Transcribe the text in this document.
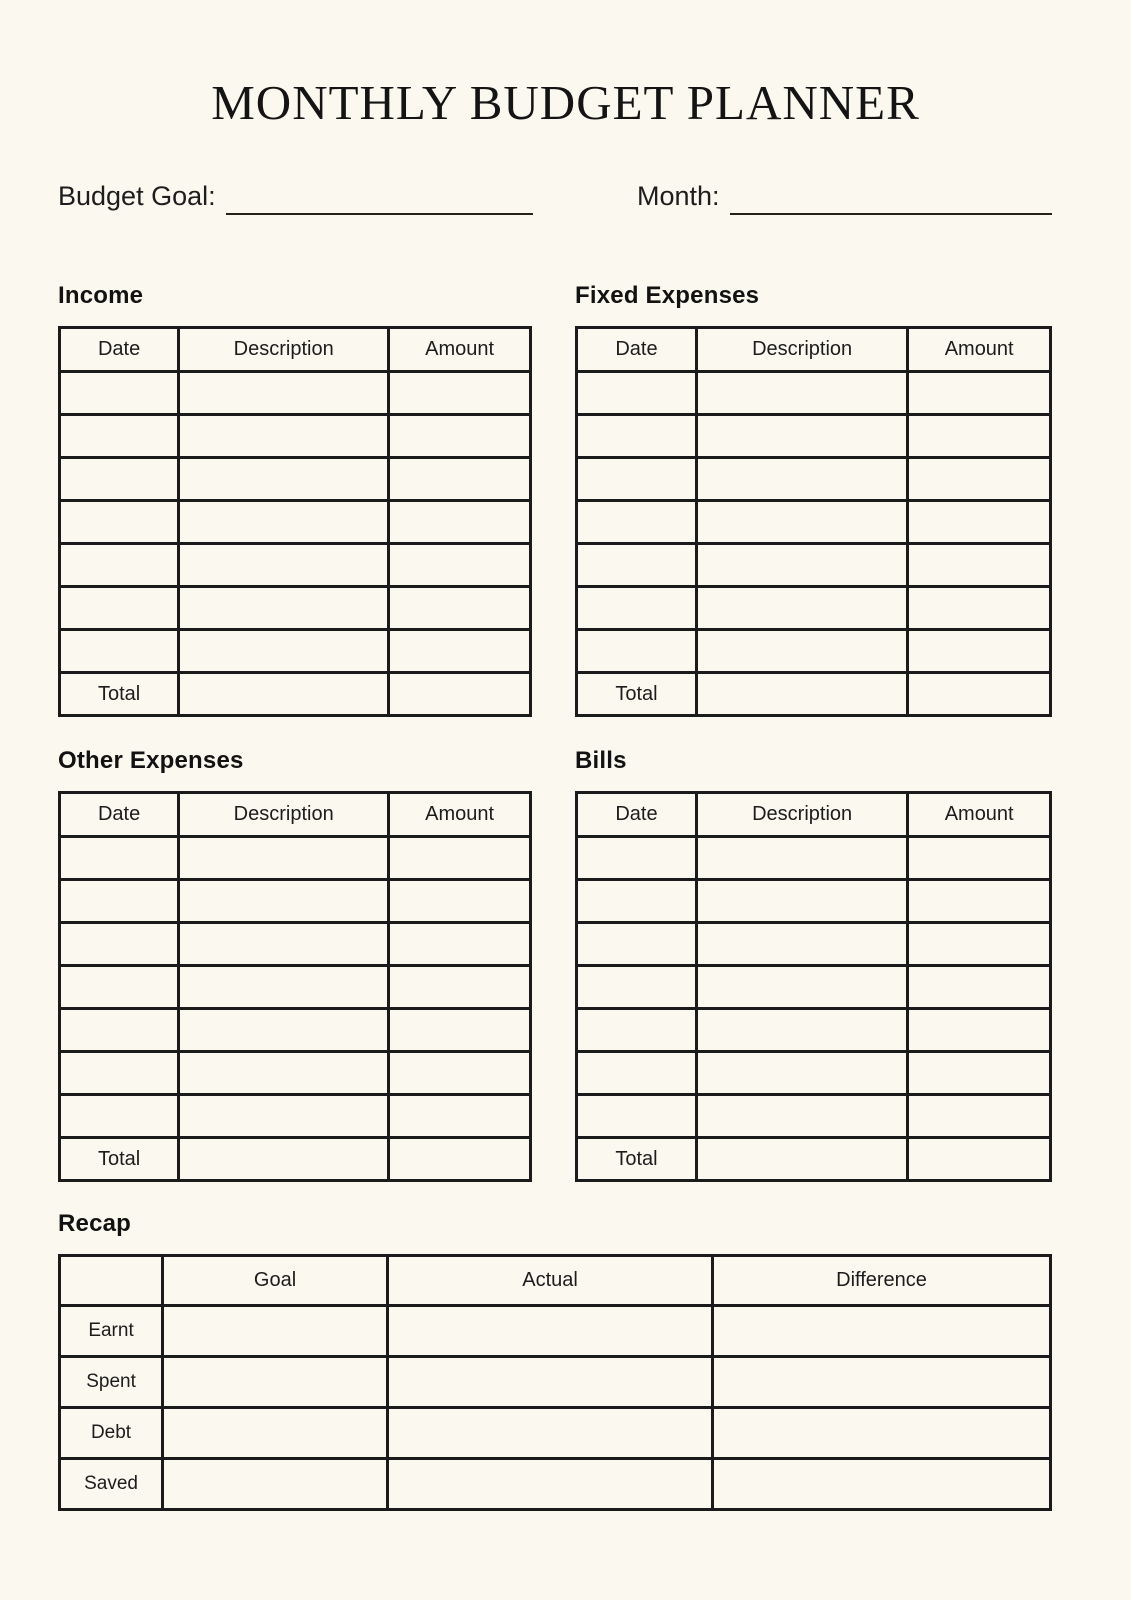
MONTHLY BUDGET PLANNER
Budget Goal:	Month:
Income
Date	Description	Amount

Total		
Fixed Expenses
Date	Description	Amount

Total		
Other Expenses
Date	Description	Amount

Total		
Bills
Date	Description	Amount

Total		
Recap
	Goal	Actual	Difference
Earnt			
Spent			
Debt			
Saved			
